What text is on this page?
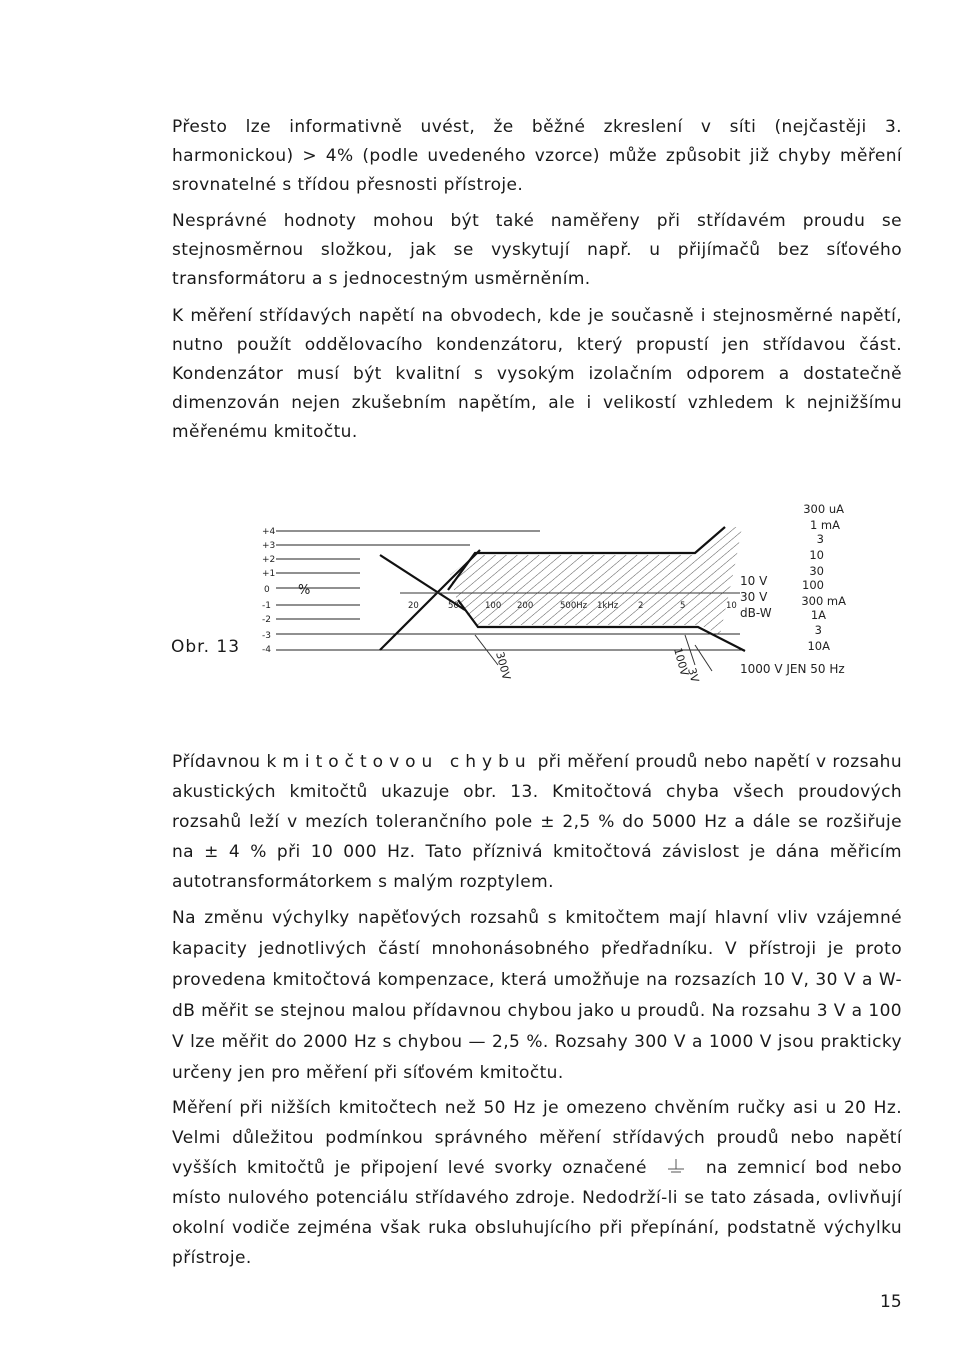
Přesto lze informativně uvést, že běžné zkreslení v síti (nejčastěji 3. harmonickou) > 4% (podle uvedeného vzorce) může způsobit již chyby měření srovnatelné s třídou přesnosti přístroje.

Nesprávné hodnoty mohou být také naměřeny při střídavém proudu se stejnosměrnou složkou, jak se vyskytují např. u přijímačů bez síťového transformátoru a s jednocestným usměrněním.

K měření střídavých napětí na obvodech, kde je současně i stejnosměrné napětí, nutno použít oddělovacího kondenzátoru, který propustí jen střídavou část. Kondenzátor musí být kvalitní s vysokým izolačním odporem a dostatečně dimenzován nejen zkušebním napětím, ale i velikostí vzhledem k nejnižšímu měřenému kmitočtu.

Obr. 13
%
+4
+3
+2
+1
0
-1
-2
-3
-4
20	50	100 200	500Hz 1kHz 2	5	10
10 V
30 V
dB-W
300 uA
1 mA
3
10
30
100
300 mA
1A
3
10A
1000 V JEN 50 Hz
300V	100V
3V

Přídavnou kmitočtovou chybu při měření proudů nebo napětí v rozsahu akustických kmitočtů ukazuje obr. 13. Kmitočtová chyba všech proudových rozsahů leží v mezích tolerančního pole ± 2,5 % do 5000 Hz a dále se rozšiřuje na ± 4 % při 10 000 Hz. Tato příznivá kmitočtová závislost je dána měřicím autotransformátorkem s malým rozptylem.

Na změnu výchylky napěťových rozsahů s kmitočtem mají hlavní vliv vzájemné kapacity jednotlivých částí mnohonásobného předřadníku. V přístroji je proto provedena kmitočtová kompenzace, která umožňuje na rozsazích 10 V, 30 V a W-dB měřit se stejnou malou přídavnou chybou jako u proudů. Na rozsahu 3 V a 100 V lze měřit do 2000 Hz s chybou — 2,5 %. Rozsahy 300 V a 1000 V jsou prakticky určeny jen pro měření při síťovém kmitočtu.

Měření při nižších kmitočtech než 50 Hz je omezeno chvěním ručky asi u 20 Hz. Velmi důležitou podmínkou správného měření střídavých proudů nebo napětí vyšších kmitočtů je připojení levé svorky označené	na zemnicí bod nebo místo nulového potenciálu střídavého zdroje. Nedodrží-li se tato zásada, ovlivňují okolní vodiče zejména však ruka obsluhujícího při přepínání, podstatně výchylku přístroje.

15
